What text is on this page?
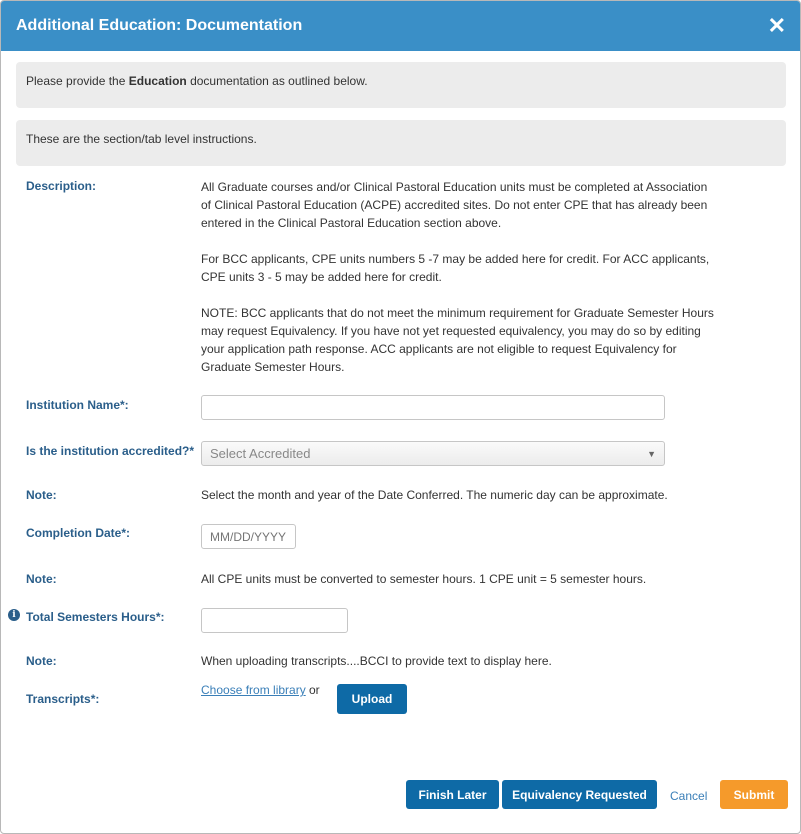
Additional Education: Documentation	✕
Please provide the Education documentation as outlined below.
These are the section/tab level instructions.
Description:	All Graduate courses and/or Clinical Pastoral Education units must be completed at Association of Clinical Pastoral Education (ACPE) accredited sites. Do not enter CPE that has already been entered in the Clinical Pastoral Education section above.

For BCC applicants, CPE units numbers 5 -7 may be added here for credit. For ACC applicants, CPE units 3 - 5 may be added here for credit.

NOTE: BCC applicants that do not meet the minimum requirement for Graduate Semester Hours may request Equivalency. If you have not yet requested equivalency, you may do so by editing your application path response. ACC applicants are not eligible to request Equivalency for Graduate Semester Hours.

Institution Name*:
Is the institution accredited?* Select Accredited	▼
Note:	Select the month and year of the Date Conferred. The numeric day can be approximate.
Completion Date*:
MM/DD/YYYY
Note:	All CPE units must be converted to semester hours. 1 CPE unit = 5 semester hours.
i Total Semesters Hours*:
Note:	When uploading transcripts....BCCI to provide text to display here.
Transcripts*:
Choose from library or
Upload
Finish Later	Equivalency Requested	Cancel	Submit
